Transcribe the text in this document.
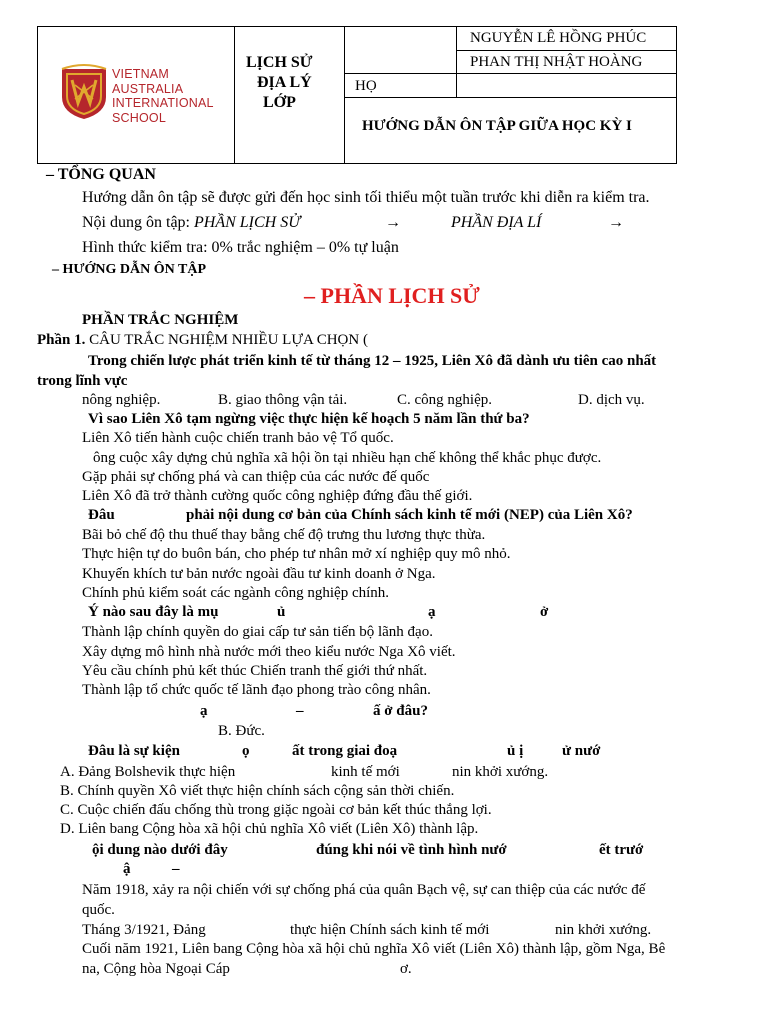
VIETNAM
AUSTRALIA
INTERNATIONAL
SCHOOL
LỊCH SỬ
ĐỊA LÝ
LỚP
NGUYỄN LÊ HỒNG PHÚC
PHAN THỊ NHẬT HOÀNG
HỌ
HƯỚNG DẪN ÔN TẬP GIỮA HỌC KỲ I
– TỔNG QUAN
Hướng dẫn ôn tập sẽ được gửi đến học sinh tối thiểu một tuần trước khi diễn ra kiểm tra.
Nội dung ôn tập: PHẦN LỊCH SỬ	→	PHẦN ĐỊA LÍ	→
Hình thức kiểm tra: 0% trắc nghiệm – 0% tự luận
– HƯỚNG DẪN ÔN TẬP
– PHẦN LỊCH SỬ
PHẦN TRẮC NGHIỆM
Phần 1. CÂU TRẮC NGHIỆM NHIỀU LỰA CHỌN (
Trong chiến lược phát triển kinh tế từ tháng 12 – 1925, Liên Xô đã dành ưu tiên cao nhất
trong lĩnh vực
nông nghiệp.	B. giao thông vận tải.	C. công nghiệp.	D. dịch vụ.
Vì sao Liên Xô tạm ngừng việc thực hiện kế hoạch 5 năm lần thứ ba?
Liên Xô tiến hành cuộc chiến tranh bảo vệ Tổ quốc.
ông cuộc xây dựng chủ nghĩa xã hội ồn tại nhiều hạn chế không thể khắc phục được.
Gặp phải sự chống phá và can thiệp của các nước đế quốc
Liên Xô đã trở thành cường quốc công nghiệp đứng đầu thế giới.
Đâu	phải nội dung cơ bản của Chính sách kinh tế mới (NEP) của Liên Xô?
Bãi bỏ chế độ thu thuế thay bằng chế độ trưng thu lương thực thừa.
Thực hiện tự do buôn bán, cho phép tư nhân mở xí nghiệp quy mô nhỏ.
Khuyến khích tư bản nước ngoài đầu tư kinh doanh ở Nga.
Chính phủ kiểm soát các ngành công nghiệp chính.
Ý nào sau đây là mụ	ủ	ạ	ở
Thành lập chính quyền do giai cấp tư sản tiến bộ lãnh đạo.
Xây dựng mô hình nhà nước mới theo kiểu nước Nga Xô viết.
Yêu cầu chính phủ kết thúc Chiến tranh thế giới thứ nhất.
Thành lập tổ chức quốc tế lãnh đạo phong trào công nhân.
ạ	–	ấ ở đâu?
B. Đức.
Đâu là sự kiện	ọ	ất trong giai đoạ	ủ ị	ử nướ
A. Đảng Bolshevik thực hiện	kinh tế mới	nin khởi xướng.
B. Chính quyền Xô viết thực hiện chính sách cộng sản thời chiến.
C. Cuộc chiến đấu chống thù trong giặc ngoài cơ bản kết thúc thắng lợi.
D. Liên bang Cộng hòa xã hội chủ nghĩa Xô viết (Liên Xô) thành lập.
ội dung nào dưới đây	đúng khi nói về tình hình nướ	ết trướ
ậ	–
Năm 1918, xảy ra nội chiến với sự chống phá của quân Bạch vệ, sự can thiệp của các nước đế
quốc.
Tháng 3/1921, Đảng	thực hiện Chính sách kinh tế mới	nin khởi xướng.
Cuối năm 1921, Liên bang Cộng hòa xã hội chủ nghĩa Xô viết (Liên Xô) thành lập, gồm Nga, Bê
na, Cộng hòa Ngoại Cáp	ơ.
